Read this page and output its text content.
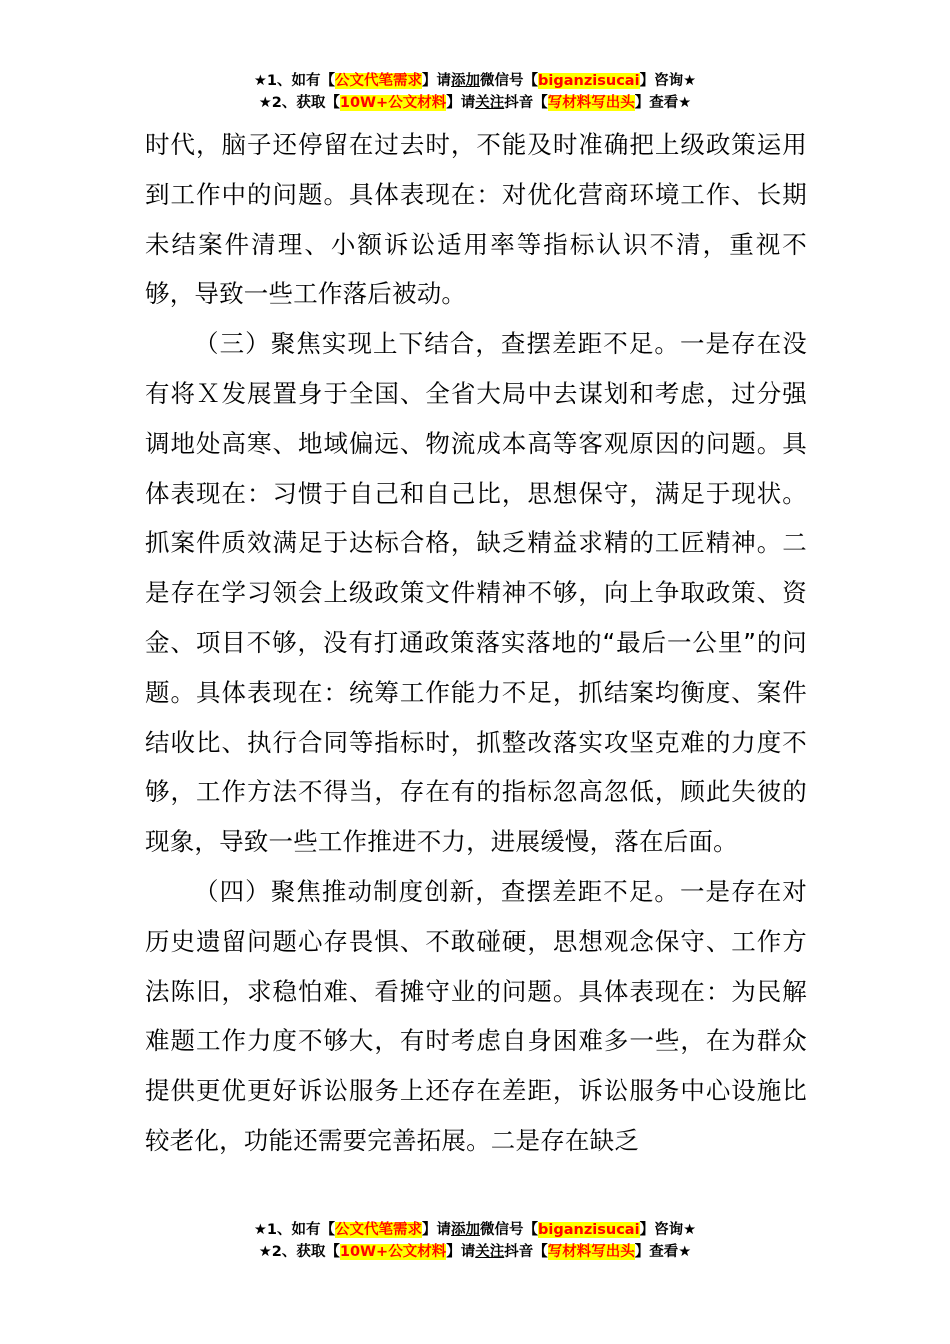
★1、如有【公文代笔需求】请添加微信号【biganzisucai】咨询★
★2、获取【10W+公文材料】请关注抖音【写材料写出头】查看★

时代，脑子还停留在过去时，不能及时准确把上级政策运用到工作中的问题。具体表现在：对优化营商环境工作、长期未结案件清理、小额诉讼适用率等指标认识不清，重视不够，导致一些工作落后被动。

（三）聚焦实现上下结合，查摆差距不足。一是存在没有将Ｘ发展置身于全国、全省大局中去谋划和考虑，过分强调地处高寒、地域偏远、物流成本高等客观原因的问题。具体表现在：习惯于自己和自己比，思想保守，满足于现状。抓案件质效满足于达标合格，缺乏精益求精的工匠精神。二是存在学习领会上级政策文件精神不够，向上争取政策、资金、项目不够，没有打通政策落实落地的“最后一公里”的问题。具体表现在：统筹工作能力不足，抓结案均衡度、案件结收比、执行合同等指标时，抓整改落实攻坚克难的力度不够，工作方法不得当，存在有的指标忽高忽低，顾此失彼的现象，导致一些工作推进不力，进展缓慢，落在后面。

（四）聚焦推动制度创新，查摆差距不足。一是存在对历史遗留问题心存畏惧、不敢碰硬，思想观念保守、工作方法陈旧，求稳怕难、看摊守业的问题。具体表现在：为民解难题工作力度不够大，有时考虑自身困难多一些，在为群众提供更优更好诉讼服务上还存在差距，诉讼服务中心设施比较老化，功能还需要完善拓展。二是存在缺乏

★1、如有【公文代笔需求】请添加微信号【biganzisucai】咨询★
★2、获取【10W+公文材料】请关注抖音【写材料写出头】查看★
